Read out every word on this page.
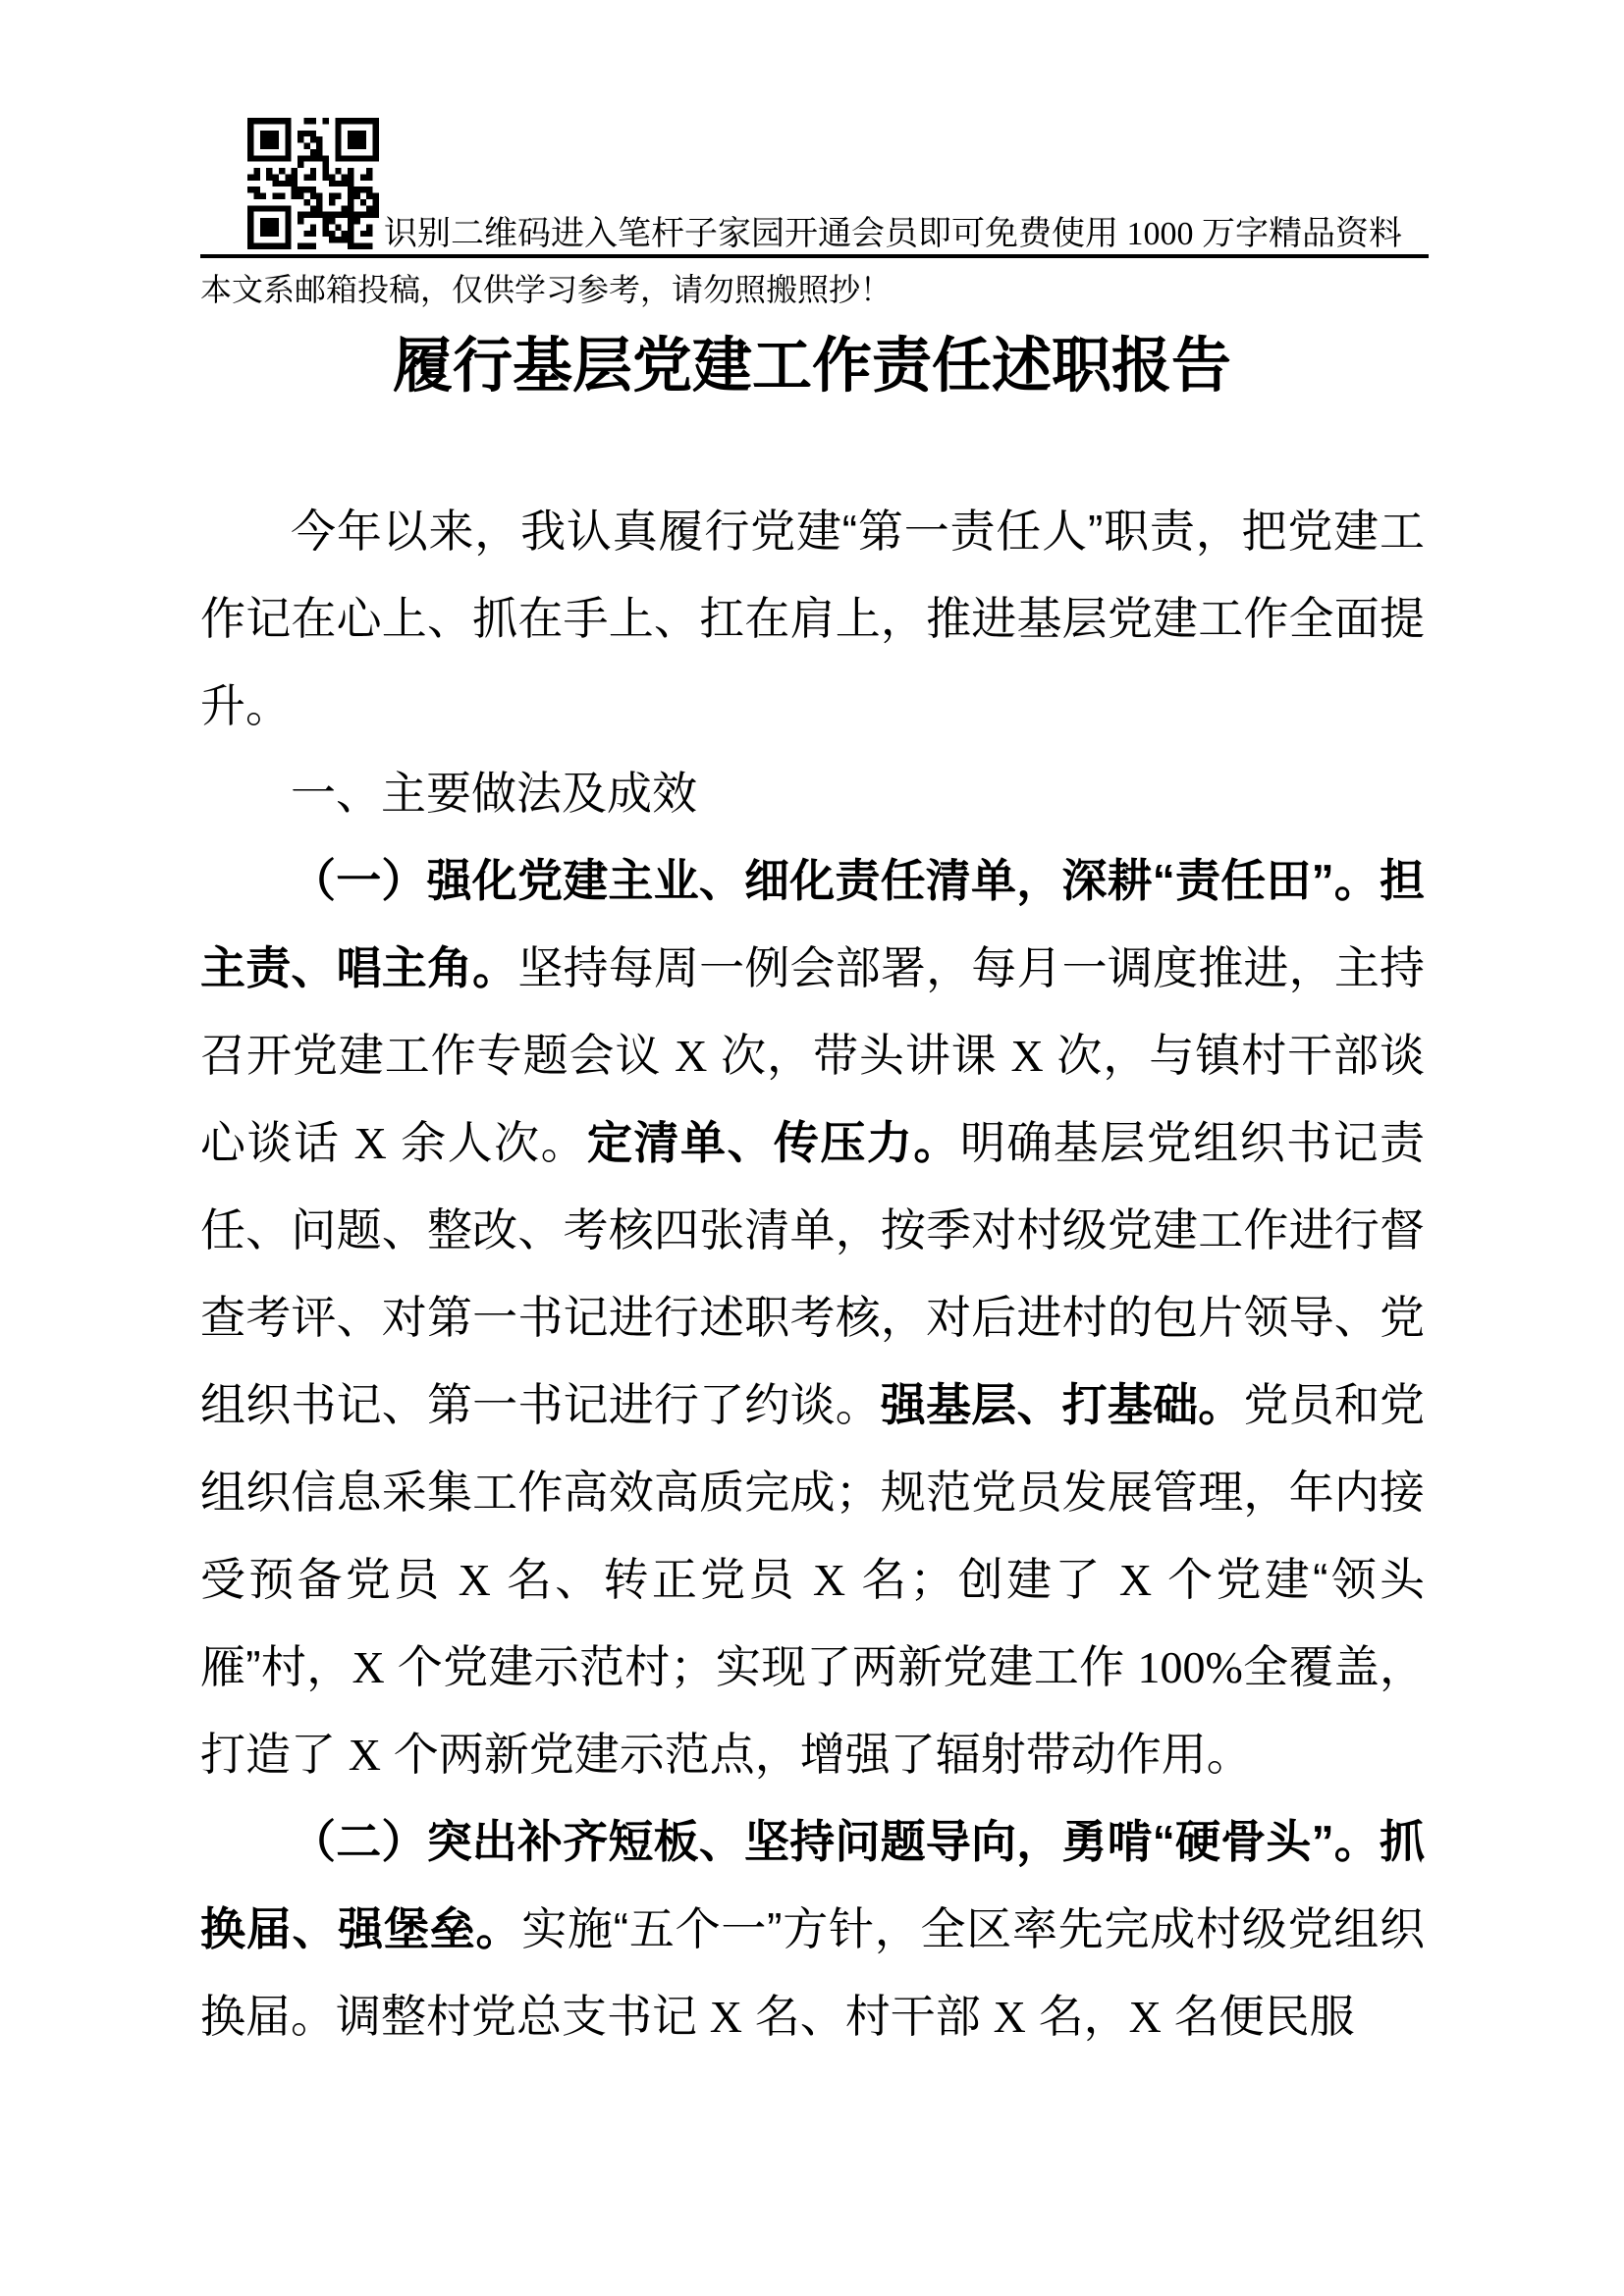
识别二维码进入笔杆子家园开通会员即可免费使用 1000 万字精品资料
本文系邮箱投稿，仅供学习参考，请勿照搬照抄！
履行基层党建工作责任述职报告

今年以来，我认真履行党建“第一责任人”职责，把党建工作记在心上、抓在手上、扛在肩上，推进基层党建工作全面提升。

一、主要做法及成效

（一）强化党建主业、细化责任清单，深耕“责任田”。担主责、唱主角。坚持每周一例会部署，每月一调度推进，主持召开党建工作专题会议 X 次，带头讲课 X 次，与镇村干部谈心谈话 X 余人次。定清单、传压力。明确基层党组织书记责任、问题、整改、考核四张清单，按季对村级党建工作进行督查考评、对第一书记进行述职考核，对后进村的包片领导、党组织书记、第一书记进行了约谈。强基层、打基础。党员和党组织信息采集工作高效高质完成；规范党员发展管理，年内接受预备党员 X 名、转正党员 X 名；创建了 X 个党建“领头雁”村，X 个党建示范村；实现了两新党建工作 100%全覆盖，打造了 X 个两新党建示范点，增强了辐射带动作用。

（二）突出补齐短板、坚持问题导向，勇啃“硬骨头”。抓换届、强堡垒。实施“五个一”方针，全区率先完成村级党组织换届。调整村党总支书记 X 名、村干部 X 名，X 名便民服
